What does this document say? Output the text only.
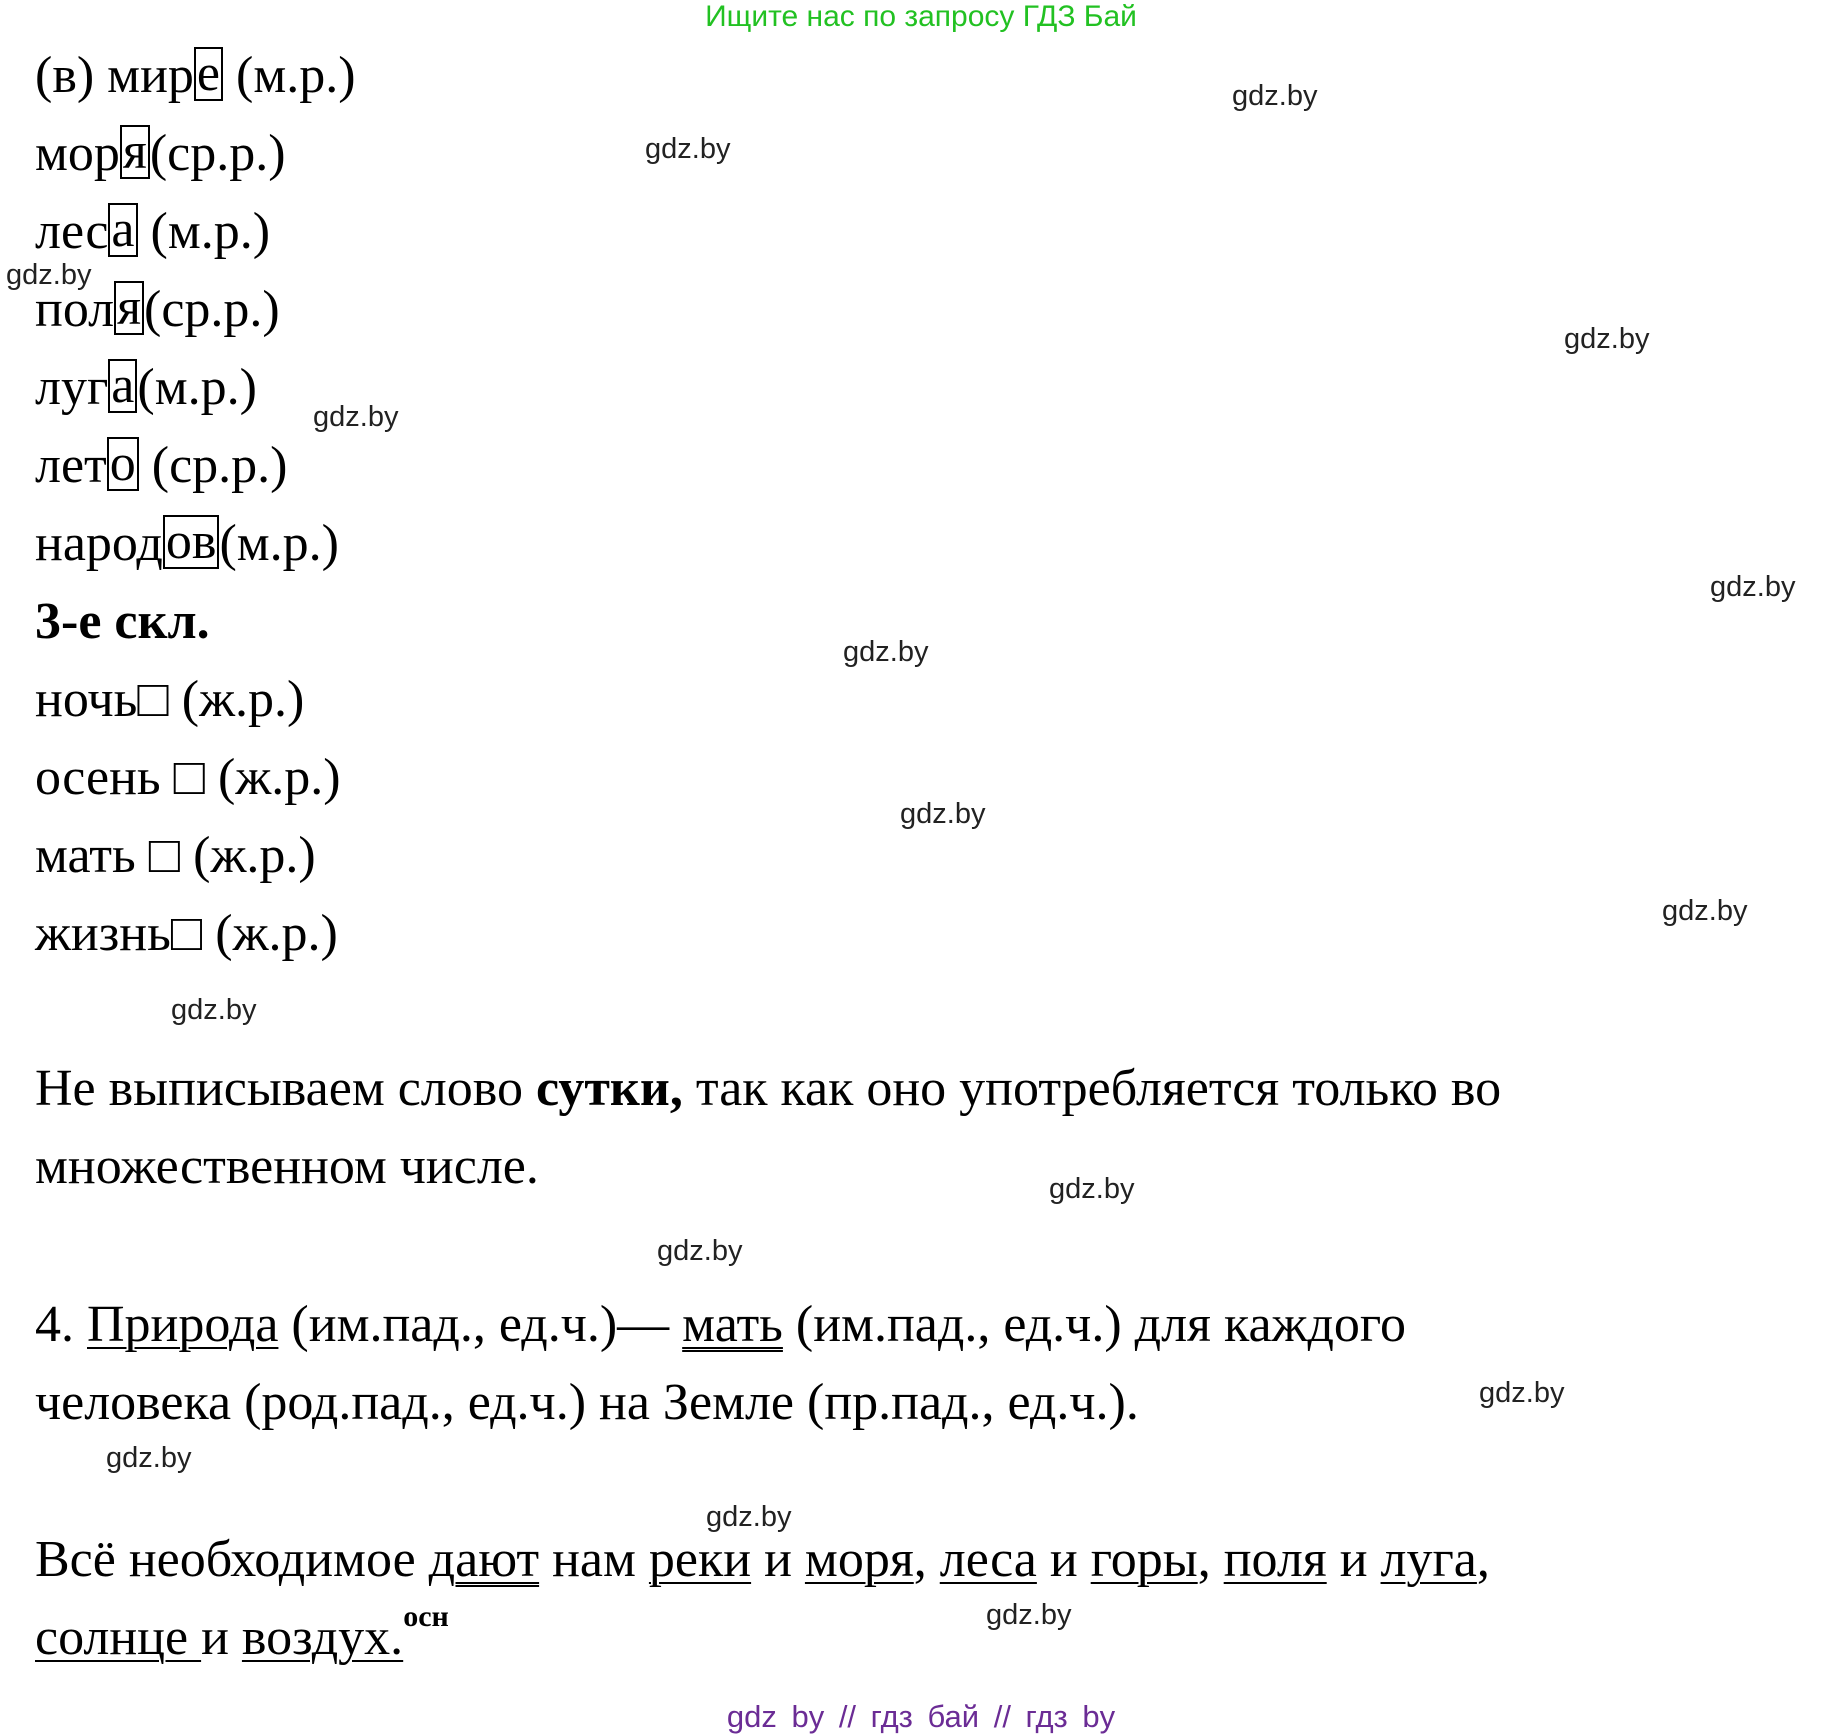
Ищите нас по запросу ГДЗ Бай
(в) мире (м.р.)
моря(ср.р.)
леса (м.р.)
поля(ср.р.)
луга(м.р.)
лето (ср.р.)
народов(м.р.)
3-е скл.
ночь□ (ж.р.)
осень □ (ж.р.)
мать □ (ж.р.)
жизнь□ (ж.р.)
Не выписываем слово сутки, так как оно употребляется только во
множественном числе.
4. Природа (им.пад., ед.ч.)— мать (им.пад., ед.ч.) для каждого
человека (род.пад., ед.ч.) на Земле (пр.пад., ед.ч.).
Всё необходимое дают нам реки и моря, леса и горы, поля и луга,
солнце и воздух.$^{осн}$
gdz.by
gdz.by
gdz.by
gdz.by
gdz.by
gdz.by
gdz.by
gdz.by
gdz.by
gdz.by
gdz.by
gdz.by
gdz.by
gdz.by
gdz.by
gdz.by
gdz by // гдз бай // гдз by
